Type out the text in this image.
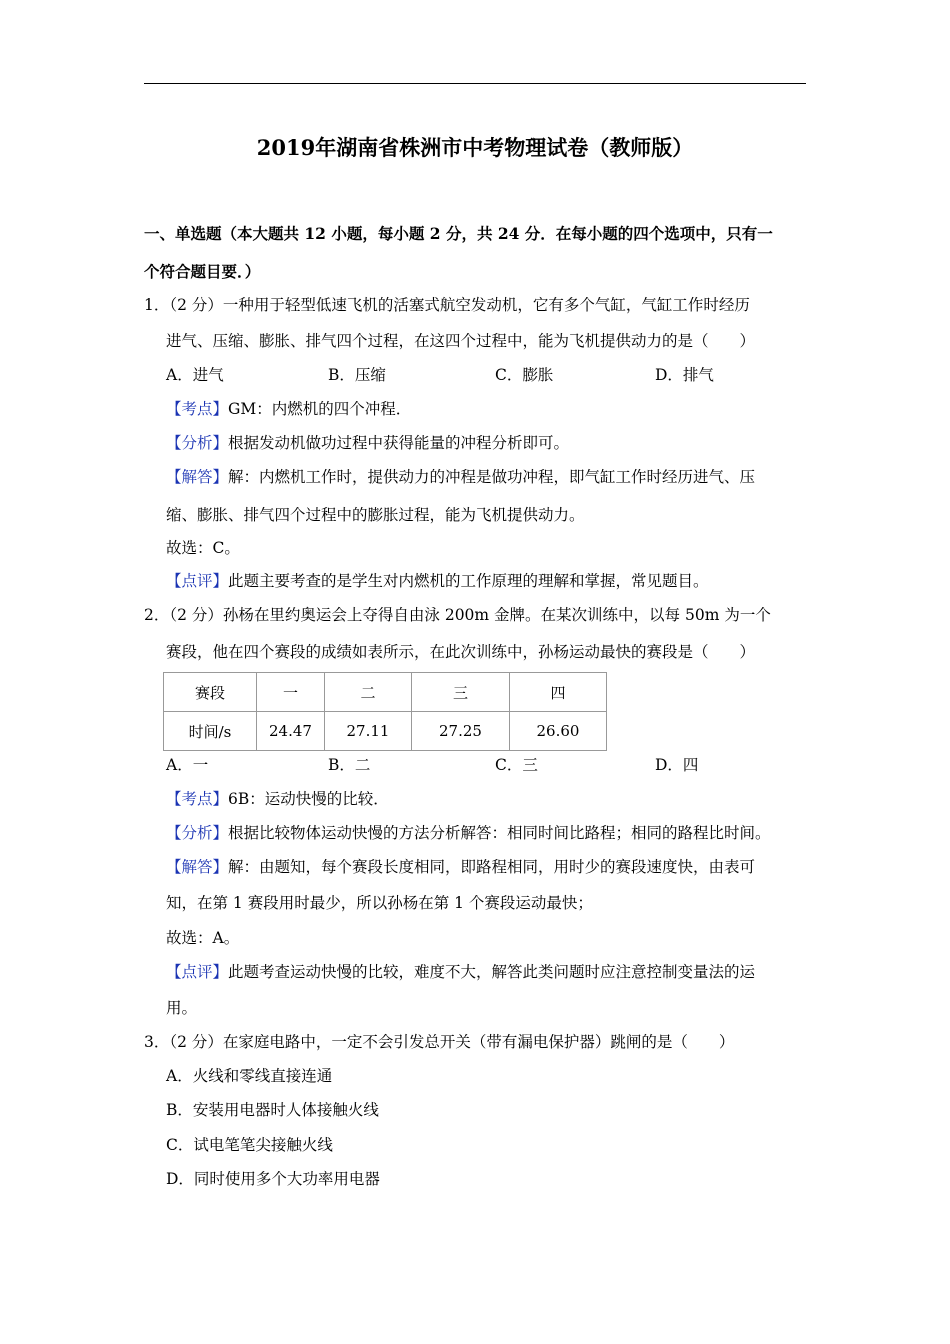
2019年湖南省株洲市中考物理试卷（教师版）
一、单选题（本大题共 12 小题，每小题 2 分，共 24 分．在每小题的四个选项中，只有一
个符合题目要．）
1．（2 分）一种用于轻型低速飞机的活塞式航空发动机，它有多个气缸，气缸工作时经历
进气、压缩、膨胀、排气四个过程，在这四个过程中，能为飞机提供动力的是（　　）
A．进气	B．压缩	C．膨胀	D．排气
【考点】GM：内燃机的四个冲程．
【分析】根据发动机做功过程中获得能量的冲程分析即可。
【解答】解：内燃机工作时，提供动力的冲程是做功冲程，即气缸工作时经历进气、压
缩、膨胀、排气四个过程中的膨胀过程，能为飞机提供动力。
故选：C。
【点评】此题主要考查的是学生对内燃机的工作原理的理解和掌握，常见题目。
2．（2 分）孙杨在里约奥运会上夺得自由泳 200m 金牌。在某次训练中，以每 50m 为一个
赛段，他在四个赛段的成绩如表所示，在此次训练中，孙杨运动最快的赛段是（　　）
赛段	一	二	三	四
时间/s	24.47	27.11	27.25	26.60
A．一	B．二	C．三	D．四
【考点】6B：运动快慢的比较．
【分析】根据比较物体运动快慢的方法分析解答：相同时间比路程；相同的路程比时间。
【解答】解：由题知，每个赛段长度相同，即路程相同，用时少的赛段速度快，由表可
知，在第 1 赛段用时最少，所以孙杨在第 1 个赛段运动最快；
故选：A。
【点评】此题考查运动快慢的比较，难度不大，解答此类问题时应注意控制变量法的运
用。
3．（2 分）在家庭电路中，一定不会引发总开关（带有漏电保护器）跳闸的是（　　）
A．火线和零线直接连通
B．安装用电器时人体接触火线
C．试电笔笔尖接触火线
D．同时使用多个大功率用电器
